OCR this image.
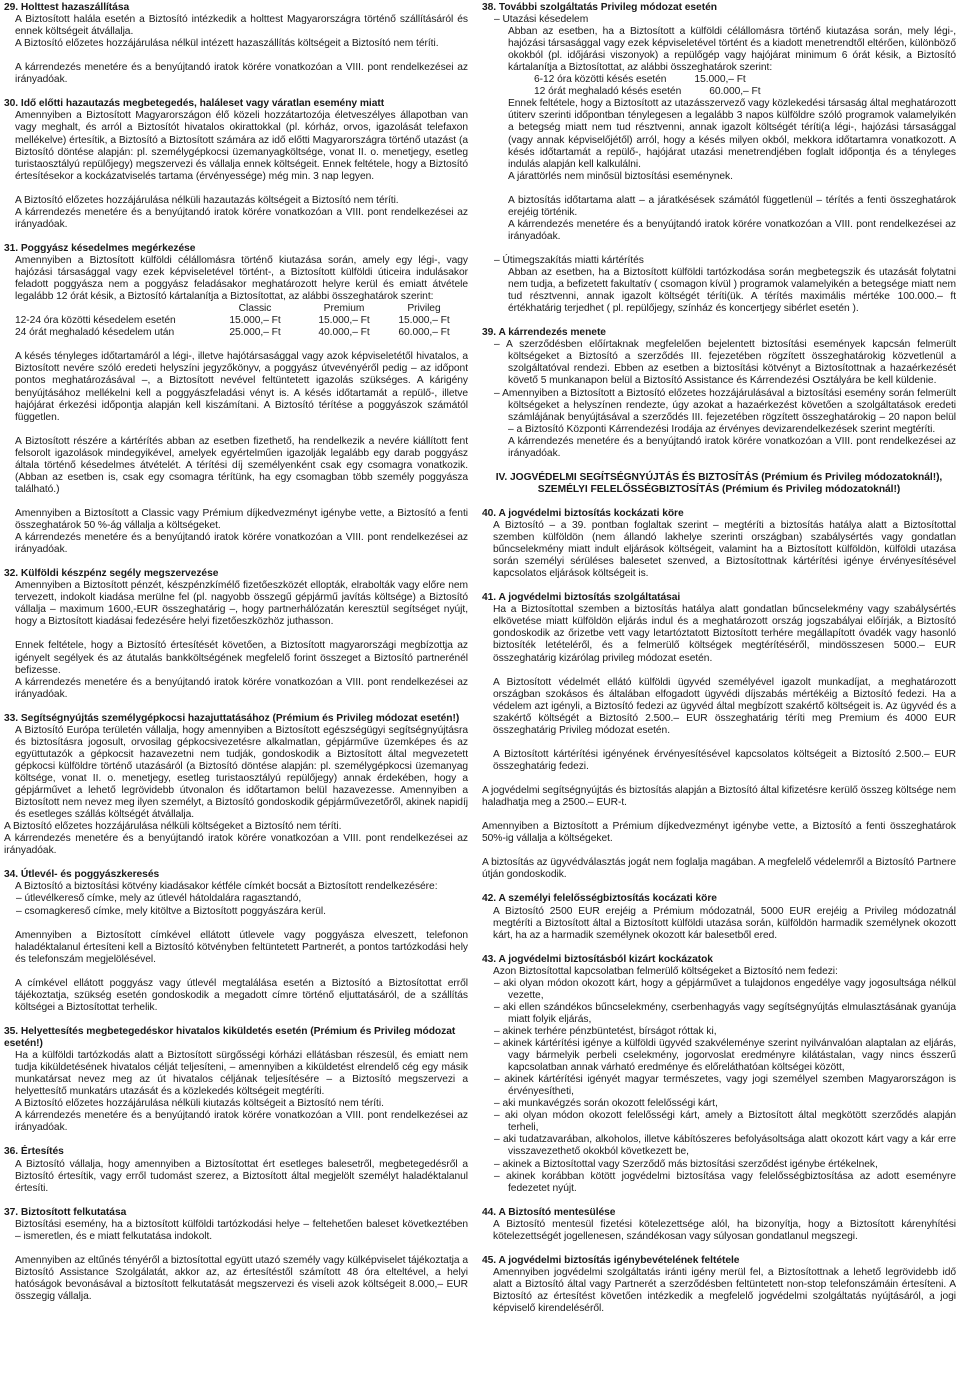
29. Holttest hazaszállítása

A Biztosított halála esetén a Biztosító intézkedik a holttest Magyarországra történő szállításáról és ennek költségeit átvállalja.

A Biztosító előzetes hozzájárulása nélkül intézett hazaszállítás költségeit a Biztosító nem téríti.

A kárrendezés menetére és a benyújtandó iratok körére vonatkozóan a VIII. pont rendelkezései az irányadóak.

30. Idő előtti hazautazás megbetegedés, haláleset vagy váratlan esemény miatt

Amennyiben a Biztosított Magyarországon élő közeli hozzátartozója életveszélyes állapotban van vagy meghalt, és arról a Biztosítót hivatalos okirattokkal (pl. kórház, orvos, igazolását telefaxon mellékelve) értesítik, a Biztosító a Biztosított számára az idő előtti Magyarországra történő utazást (a Biztosító döntése alapján: pl. személygépkocsi üzemanyagköltsége, vonat II. o. menetjegy, esetleg turistaosztályú repülőjegy) megszervezi és vállalja ennek költségeit. Ennek feltétele, hogy a Biztosító értesítésekor a kockázatviselés tartama (érvényessége) még min. 3 nap legyen.

A Biztosító előzetes hozzájárulása nélküli hazautazás költségeit a Biztosító nem téríti.

A kárrendezés menetére és a benyújtandó iratok körére vonatkozóan a VIII. pont rendelkezései az irányadóak.

31. Poggyász késedelmes megérkezése

Amennyiben a Biztosított külföldi célállomásra történő kiutazása során, amely egy légi-, vagy hajózási társasággal vagy ezek képviseletével történt-, a Biztosított külföldi úticeira indulásakor feladott poggyásza nem a poggyász feladásakor meghatározott helyre kerül és emiatt átvétele legalább 12 órát késik, a Biztosító kártalanítja a Biztosítottat, az alábbi összeghatárok szerint:

	Classic	Premium	Privileg
12-24 óra közötti késedelem esetén	15.000,– Ft	15.000,– Ft	15.000,– Ft
24 órát meghaladó késedelem után	25.000,– Ft	40.000,– Ft	60.000,– Ft

A késés tényleges időtartamáról a légi-, illetve hajótársasággal vagy azok képviseletétől hivatalos, a Biztosított nevére szóló eredeti helyszíni jegyzőkönyv, a poggyász útvevényéről pedig – az időpont pontos meghatározásával –, a Biztosított nevével feltüntetett igazolás szükséges. A kárigény benyújtásához mellékelni kell a poggyászfeladási vényt is. A késés időtartamát a repülő-, illetve hajójárat érkezési időpontja alapján kell kiszámítani. A Biztosító térítése a poggyászok számától független.

A Biztosított részére a kártérítés abban az esetben fizethető, ha rendelkezik a nevére kiállított fent felsorolt igazolások mindegyikével, amelyek egyértelműen igazolják legalább egy darab poggyász általa történő késedelmes átvételét. A térítési díj személyenként csak egy csomagra vonatkozik. (Abban az esetben is, csak egy csomagra térítünk, ha egy csomagban több személy poggyásza található.)

Amennyiben a Biztosított a Classic vagy Prémium díjkedvezményt igénybe vette, a Biztosító a fenti összeghatárok 50 %-ág vállalja a költségeket.

A kárrendezés menetére és a benyújtandó iratok körére vonatkozóan a VIII. pont rendelkezései az irányadóak.

32. Külföldi készpénz segély megszervezése

Amennyiben a Biztosított pénzét, készpénzkímélő fizetőeszközét ellopták, elrabolták vagy előre nem tervezett, indokolt kiadása merülne fel (pl. nagyobb összegű gépjármű javítás költsége) a Biztosító vállalja – maximum 1600,-EUR összeghatárig –, hogy partnerhálózatán keresztül segítséget nyújt, hogy a Biztosított kiadásai fedezésére helyi fizetőeszközhöz juthasson.

Ennek feltétele, hogy a Biztosító értesítését követően, a Biztosított magyarországi megbízottja az igényelt segélyek és az átutalás bankköltségének megfelelő forint összeget a Biztosító partnerénél befizesse.

A kárrendezés menetére és a benyújtandó iratok körére vonatkozóan a VIII. pont rendelkezései az irányadóak.

33. Segítségnyújtás személygépkocsi hazajuttatásához (Prémium és Privileg módozat esetén!)

A Biztosító Európa területén vállalja, hogy amennyiben a Biztosított egészségügyi segítségnyújtásra és biztosításra jogosult, orvosilag gépkocsivezetésre alkalmatlan, gépjárműve üzemképes és az együttutazók a gépkocsit hazavezetni nem tudják, gondoskodik a Biztosított által megvezetett gépkocsi külföldre történő utazásáról (a Biztosító döntése alapján: pl. személygépkocsi üzemanyag költsége, vonat II. o. menetjegy, esetleg turistaosztályú repülőjegy) annak érdekében, hogy a gépjárművet a lehető legrövidebb útvonalon és időtartamon belül hazavezesse. Amennyiben a Biztosított nem nevez meg ilyen személyt, a Biztosító gondoskodik gépjárművezetőről, akinek napidíj és esetleges szállás költségét átvállalja.

A Biztosító előzetes hozzájárulása nélküli költségeket a Biztosító nem téríti.

A kárrendezés menetére és a benyújtandó iratok körére vonatkozóan a VIII. pont rendelkezései az irányadóak.

34. Útlevél- és poggyászkeresés

A Biztosító a biztosítási kötvény kiadásakor kétféle címkét bocsát a Biztosított rendelkezésére:

– útlevélkereső címke, mely az útlevél hátoldalára ragasztandó,

– csomagkereső címke, mely kitöltve a Biztosított poggyászára kerül.

Amennyiben a Biztosított címkével ellátott útlevele vagy poggyásza elveszett, telefonon haladéktalanul értesíteni kell a Biztosító kötvényben feltüntetett Partnerét, a pontos tartózkodási hely és telefonszám megjelölésével.

A címkével ellátott poggyász vagy útlevél megtalálása esetén a Biztosító a Biztosítottat erről tájékoztatja, szükség esetén gondoskodik a megadott címre történő eljuttatásáról, de a szállítás költségei a Biztosítottat terhelik.

35. Helyettesítés megbetegedéskor hivatalos kiküldetés esetén (Prémium és Privileg módozat esetén!)

Ha a külföldi tartózkodás alatt a Biztosított sürgősségi kórházi ellátásban részesül, és emiatt nem tudja kiküldetésének hivatalos célját teljesíteni, – amennyiben a kiküldetést elrendelő cég egy másik munkatársat nevez meg az út hivatalos céljának teljesítésére – a Biztosító megszervezi a helyettesítő munkatárs utazását és a közlekedés költségeit megtéríti.

A Biztosító előzetes hozzájárulása nélküli kiutazás költségeit a Biztosító nem téríti.

A kárrendezés menetére és a benyújtandó iratok körére vonatkozóan a VIII. pont rendelkezései az irányadóak.

36. Értesítés

A Biztosító vállalja, hogy amennyiben a Biztosítottat ért esetleges balesetről, megbetegedésről a Biztosító értesítik, vagy erről tudomást szerez, a Biztosított által megjelölt személyt haladéktalanul értesíti.

37. Biztosított felkutatása

Biztosítási esemény, ha a biztosított külföldi tartózkodási helye – feltehetően baleset következtében – ismeretlen, és e miatt felkutatása indokolt.

Amennyiben az eltűnés tényéről a biztosítottal együtt utazó személy vagy külképviselet tájékoztatja a Biztosító Assistance Szolgálatát, akkor az, az értesítéstől számított 48 óra elteltével, a helyi hatóságok bevonásával a biztosított felkutatását megszervezi és viseli azok költségeit 8.000,– EUR összegig vállalja.

38. További szolgáltatás Privileg módozat esetén

– Utazási késedelem

Abban az esetben, ha a Biztosított a külföldi célállomásra történő kiutazása során, mely légi-, hajózási társasággal vagy ezek képviseletével történt és a kiadott menetrendtől eltérően, különböző okokból (pl. időjárási viszonyok) a repülőgép vagy hajójárat minimum 6 órát késik, a Biztosító kártalanítja a Biztosítottat, az alábbi összeghatárok szerint:

6-12 óra közötti késés esetén          15.000,– Ft

12 órát meghaladó késés esetén          60.000,– Ft

Ennek feltétele, hogy a Biztosított az utazásszervező vagy közlekedési társaság által meghatározott útiterv szerinti időpontban ténylegesen a legalább 3 napos külföldre szóló programok valamelyikén a betegség miatt nem tud résztvenni, annak igazolt költségét téríti(a légi-, hajózási társasággal (vagy annak képviselőjétől) arról, hogy a késés milyen okból, mekkora időtartamra vonatkozott. A késés időtartamát a repülő-, hajójárat utazási menetrendjében foglalt időpontja és a tényleges indulás alapján kell kalkulálni.

A járattörlés nem minősül biztosítási eseménynek.

A biztosítás időtartama alatt – a járatkésések számától függetlenül – térítés a fenti összeghatárok erejéig történik.

A kárrendezés menetére és a benyújtandó iratok körére vonatkozóan a VIII. pont rendelkezései az irányadóak.

– Útimegszakítás miatti kártérítés

Abban az esetben, ha a Biztosított külföldi tartózkodása során megbetegszik és utazását folytatni nem tudja, a befizetett fakultatív ( csomagon kívül ) programok valamelyikén a betegsége miatt nem tud résztvenni, annak igazolt költségét téríti(ük. A térítés maximális mértéke 100.000.– ft értékhatárig terjedhet ( pl. repülőjegy, színház és koncertjegy sibérlet esetén ).

39. A kárrendezés menete

– A szerződésben előírtaknak megfelelően bejelentett biztosítási események kapcsán felmerült költségeket a Biztosító a szerződés III. fejezetében rögzített összeghatárokig közvetlenül a szolgáltatóval rendezi. Ebben az esetben a biztosítási kötvényt a Biztosítottnak a hazaérkezését követő 5 munkanapon belül a Biztosító Assistance és Kárrendezési Osztályára be kell küldenie.

– Amennyiben a Biztosított a Biztosító előzetes hozzájárulásával a biztosítási esemény során felmerült költségeket a helyszínen rendezte, úgy azokat a hazaérkezést követően a szolgáltatások eredeti számlájának benyújtásával a szerződés III. fejezetében rögzített összeghatárokig – 20 napon belül – a Biztosító Központi Kárrendezési Irodája az érvényes devizarendelkezések szerint megtéríti.

A kárrendezés menetére és a benyújtandó iratok körére vonatkozóan a VIII. pont rendelkezései az irányadóak.

IV. JOGVÉDELMI SEGÍTSÉGNYÚJTÁS ÉS BIZTOSÍTÁS (Prémium és Privileg módozatoknál!),

SZEMÉLYI FELELŐSSÉGBIZTOSÍTÁS (Prémium és Privileg módozatoknál!)

40. A jogvédelmi biztosítás kockázati köre

A Biztosító – a 39. pontban foglaltak szerint – megtéríti a biztosítás hatálya alatt a Biztosítottal szemben külföldön (nem állandó lakhelye szerinti országban) szabálysértés vagy gondatlan bűncselekmény miatt indult eljárások költségeit, valamint ha a Biztosított külföldön, külföldi utazása során személyi sérüléses balesetet szenved, a Biztosítottnak kártérítési igénye érvényesítésével kapcsolatos eljárások költségeit is.

41. A jogvédelmi biztosítás szolgáltatásai

Ha a Biztosítottal szemben a biztosítás hatálya alatt gondatlan bűncselekmény vagy szabálysértés elkövetése miatt külföldön eljárás indul és a meghatározott ország jogszabályai előírják, a Biztosító gondoskodik az őrizetbe vett vagy letartóztatott Biztosított terhére megállapított óvadék vagy hasonló biztosíték letételéről, és a felmerülő költségek megtérítéséről, mindösszesen 5000.– EUR összeghatárig kizárólag privileg módozat esetén.

A Biztosított védelmét ellátó külföldi ügyvéd személyével igazolt munkadíjat, a meghatározott országban szokásos és általában elfogadott ügyvédi díjszabás mértékéig a Biztosító fedezi. Ha a védelem azt igényli, a Biztosító fedezi az ügyvéd által megbízott szakértő költségeit is. Az ügyvéd és a szakértő költségét a Biztosító 2.500.– EUR összeghatárig téríti meg Premium és 4000 EUR összeghatárig Privileg módozat esetén.

A Biztosított kártérítési igényének érvényesítésével kapcsolatos költségeit a Biztosító 2.500.– EUR összeghatárig fedezi.

A jogvédelmi segítségnyújtás és biztosítás alapján a Biztosító által kifizetésre kerülő összeg költsége nem haladhatja meg a 2500.– EUR-t.

Amennyiben a Biztosított a Prémium díjkedvezményt igénybe vette, a Biztosító a fenti összeghatárok 50%-ig vállalja a költségeket.

A biztosítás az ügyvédválasztás jogát nem foglalja magában. A megfelelő védelemről a Biztosító Partnere útján gondoskodik.

42. A személyi felelősségbiztosítás kocázati köre

A Biztosító 2500 EUR erejéig a Prémium módozatnál, 5000 EUR erejéig a Privileg módozatnál megtéríti a Biztosított által a Biztosított külföldi utazása során, külföldön harmadik személynek okozott kárt, ha az a harmadik személynek okozott kár balesetből ered.

43. A jogvédelmi biztosításból kizárt kockázatok

Azon Biztosítottal kapcsolatban felmerülő költségeket a Biztosító nem fedezi:

– aki olyan módon okozott kárt, hogy a gépjárművet a tulajdonos engedélye vagy jogosultsága nélkül vezette,

– aki ellen szándékos bűncselekmény, cserbenhagyás vagy segítségnyújtás elmulasztásának gyanúja miatt folyik eljárás,

– akinek terhére pénzbüntetést, bírságot róttak ki,

– akinek kártérítési igénye a külföldi ügyvéd szakvéleménye szerint nyilvánvalóan alaptalan az eljárás, vagy bármelyik perbeli cselekmény, jogorvoslat eredményre kilátástalan, vagy nincs ésszerű kapcsolatban annak várható eredménye és előreláthatóan költségei között,

– akinek kártérítési igényét magyar természetes, vagy jogi személyel szemben Magyarországon is érvényesítheti,

– aki munkavégzés során okozott felelősségi kárt,

– aki olyan módon okozott felelősségi kárt, amely a Biztosított által megkötött szerződés alapján terheli,

– aki tudatzavarában, alkoholos, illetve kábítószeres befolyásoltsága alatt okozott kárt vagy a kár erre visszavezethető okokból következett be,

– akinek a Biztosítottal vagy Szerződő más biztosítási szerződést igénybe értékelnek,

– akinek korábban kötött jogvédelmi biztosítása vagy felelősségbiztosítása az adott eseményre fedezetet nyújt.

44. A Biztosító mentesülése

A Biztosító mentesül fizetési kötelezettsége alól, ha bizonyítja, hogy a Biztosított kárenyhítési kötelezettségét jogellenesen, szándékosan vagy súlyosan gondatlanul megszegi.

45. A jogvédelmi biztosítás igénybevételének feltétele

Amennyiben jogvédelmi szolgáltatás iránti igény merül fel, a Biztosítottnak a lehető legrövidebb idő alatt a Biztosító által vagy Partnerét a szerződésben feltüntetett non-stop telefonszámáin értesíteni. A Biztosító az értesítést követően intézkedik a megfelelő jogvédelmi szolgáltatás nyújtásáról, a jogi képviselő kirendeléséről.
